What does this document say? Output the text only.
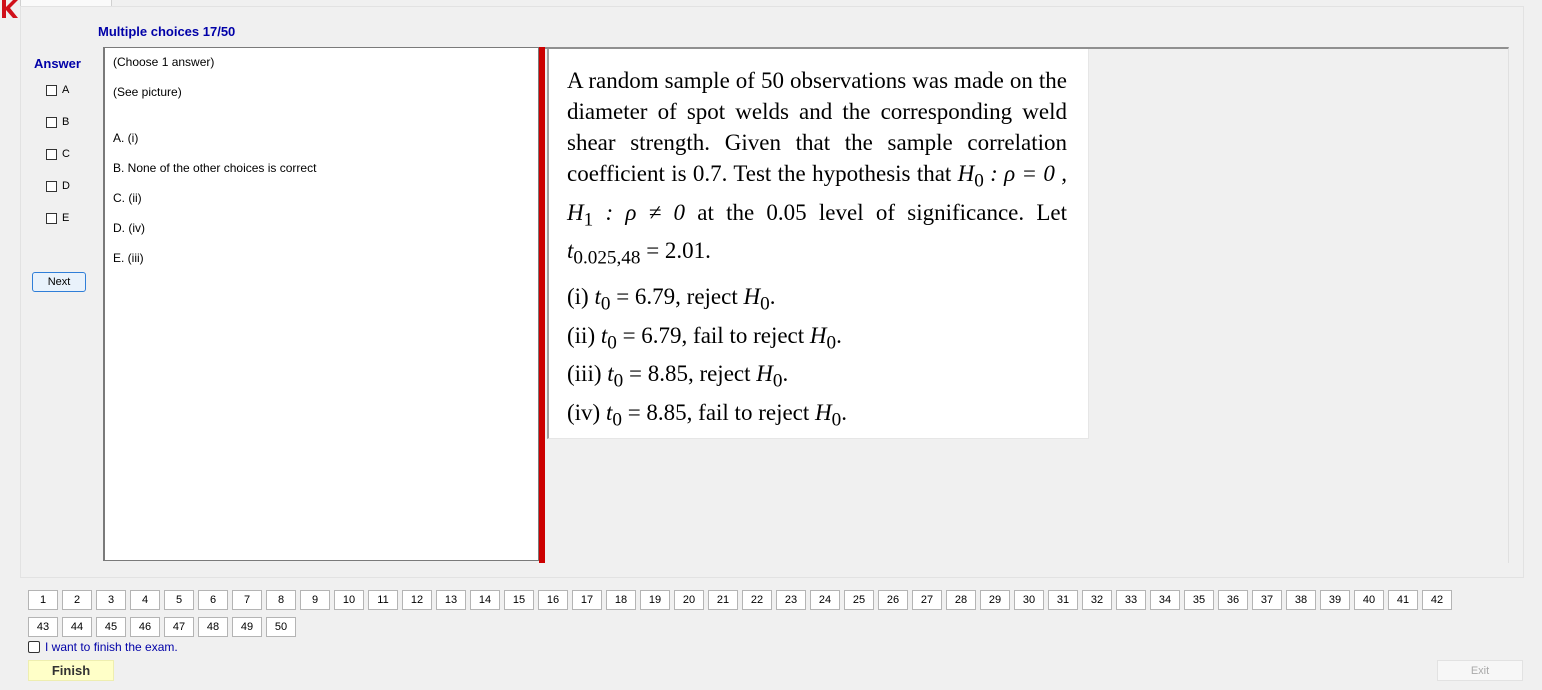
Multiple choices 17/50
Answer
A
B
C
D
E
Next
(Choose 1 answer)
(See picture)
A. (i)
B. None of the other choices is correct
C. (ii)
D. (iv)
E. (iii)

A random sample of 50 observations was made on the diameter of spot welds and the corresponding weld shear strength. Given that the sample correlation coefficient is 0.7. Test the hypothesis that $H_0$ : ρ = 0 , $H_1$ : ρ ≠ 0 at the 0.05 level of significance. Let $t_{0.025,48} = 2.01$.

(i) $t_0 = 6.79$, reject $H_0$.
(ii) $t_0 = 6.79$, fail to reject $H_0$.
(iii) $t_0 = 8.85$, reject $H_0$.
(iv) $t_0 = 8.85$, fail to reject $H_0$.

1	2	3	4	5	6	7	8	9	10	11	12	13	14	15	16	17	18	19	20	21	22	23	24	25	26	27	28	29	30	31	32	33	34	35	36	37	38	39	40	41	42
43	44	45	46	47	48	49	50
I want to finish the exam.
Finish	Exit
